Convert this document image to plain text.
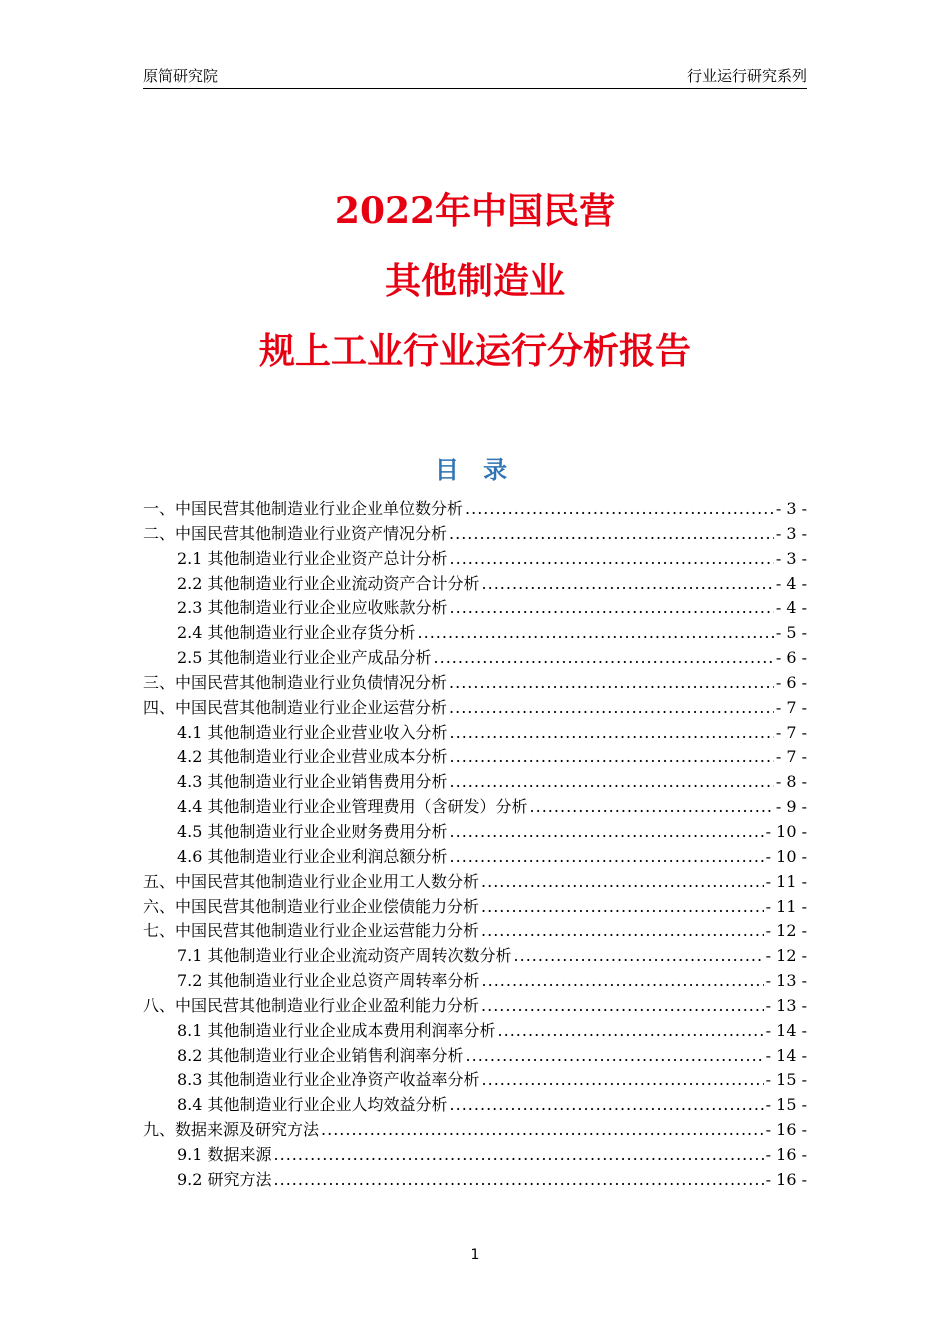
原简研究院	行业运行研究系列
2022年中国民营
其他制造业
规上工业行业运行分析报告
目 录
一、中国民营其他制造业行业企业单位数分析 .....	- 3 -
二、中国民营其他制造业行业资产情况分析 .....	- 3 -
2.1 其他制造业行业企业资产总计分析 .....	- 3 -
2.2 其他制造业行业企业流动资产合计分析 .....	- 4 -
2.3 其他制造业行业企业应收账款分析 .....	- 4 -
2.4 其他制造业行业企业存货分析 .....	- 5 -
2.5 其他制造业行业企业产成品分析 .....	- 6 -
三、中国民营其他制造业行业负债情况分析 .....	- 6 -
四、中国民营其他制造业行业企业运营分析 .....	- 7 -
4.1 其他制造业行业企业营业收入分析 .....	- 7 -
4.2 其他制造业行业企业营业成本分析 .....	- 7 -
4.3 其他制造业行业企业销售费用分析 .....	- 8 -
4.4 其他制造业行业企业管理费用（含研发）分析 .....	- 9 -
4.5 其他制造业行业企业财务费用分析 .....	- 10 -
4.6 其他制造业行业企业利润总额分析 .....	- 10 -
五、中国民营其他制造业行业企业用工人数分析 .....	- 11 -
六、中国民营其他制造业行业企业偿债能力分析 .....	- 11 -
七、中国民营其他制造业行业企业运营能力分析 .....	- 12 -
7.1 其他制造业行业企业流动资产周转次数分析 .....	- 12 -
7.2 其他制造业行业企业总资产周转率分析 .....	- 13 -
八、中国民营其他制造业行业企业盈利能力分析 .....	- 13 -
8.1 其他制造业行业企业成本费用利润率分析 .....	- 14 -
8.2 其他制造业行业企业销售利润率分析 .....	- 14 -
8.3 其他制造业行业企业净资产收益率分析 .....	- 15 -
8.4 其他制造业行业企业人均效益分析 .....	- 15 -
九、数据来源及研究方法 .....	- 16 -
9.1 数据来源 .....	- 16 -
9.2 研究方法 .....	- 16 -
1
